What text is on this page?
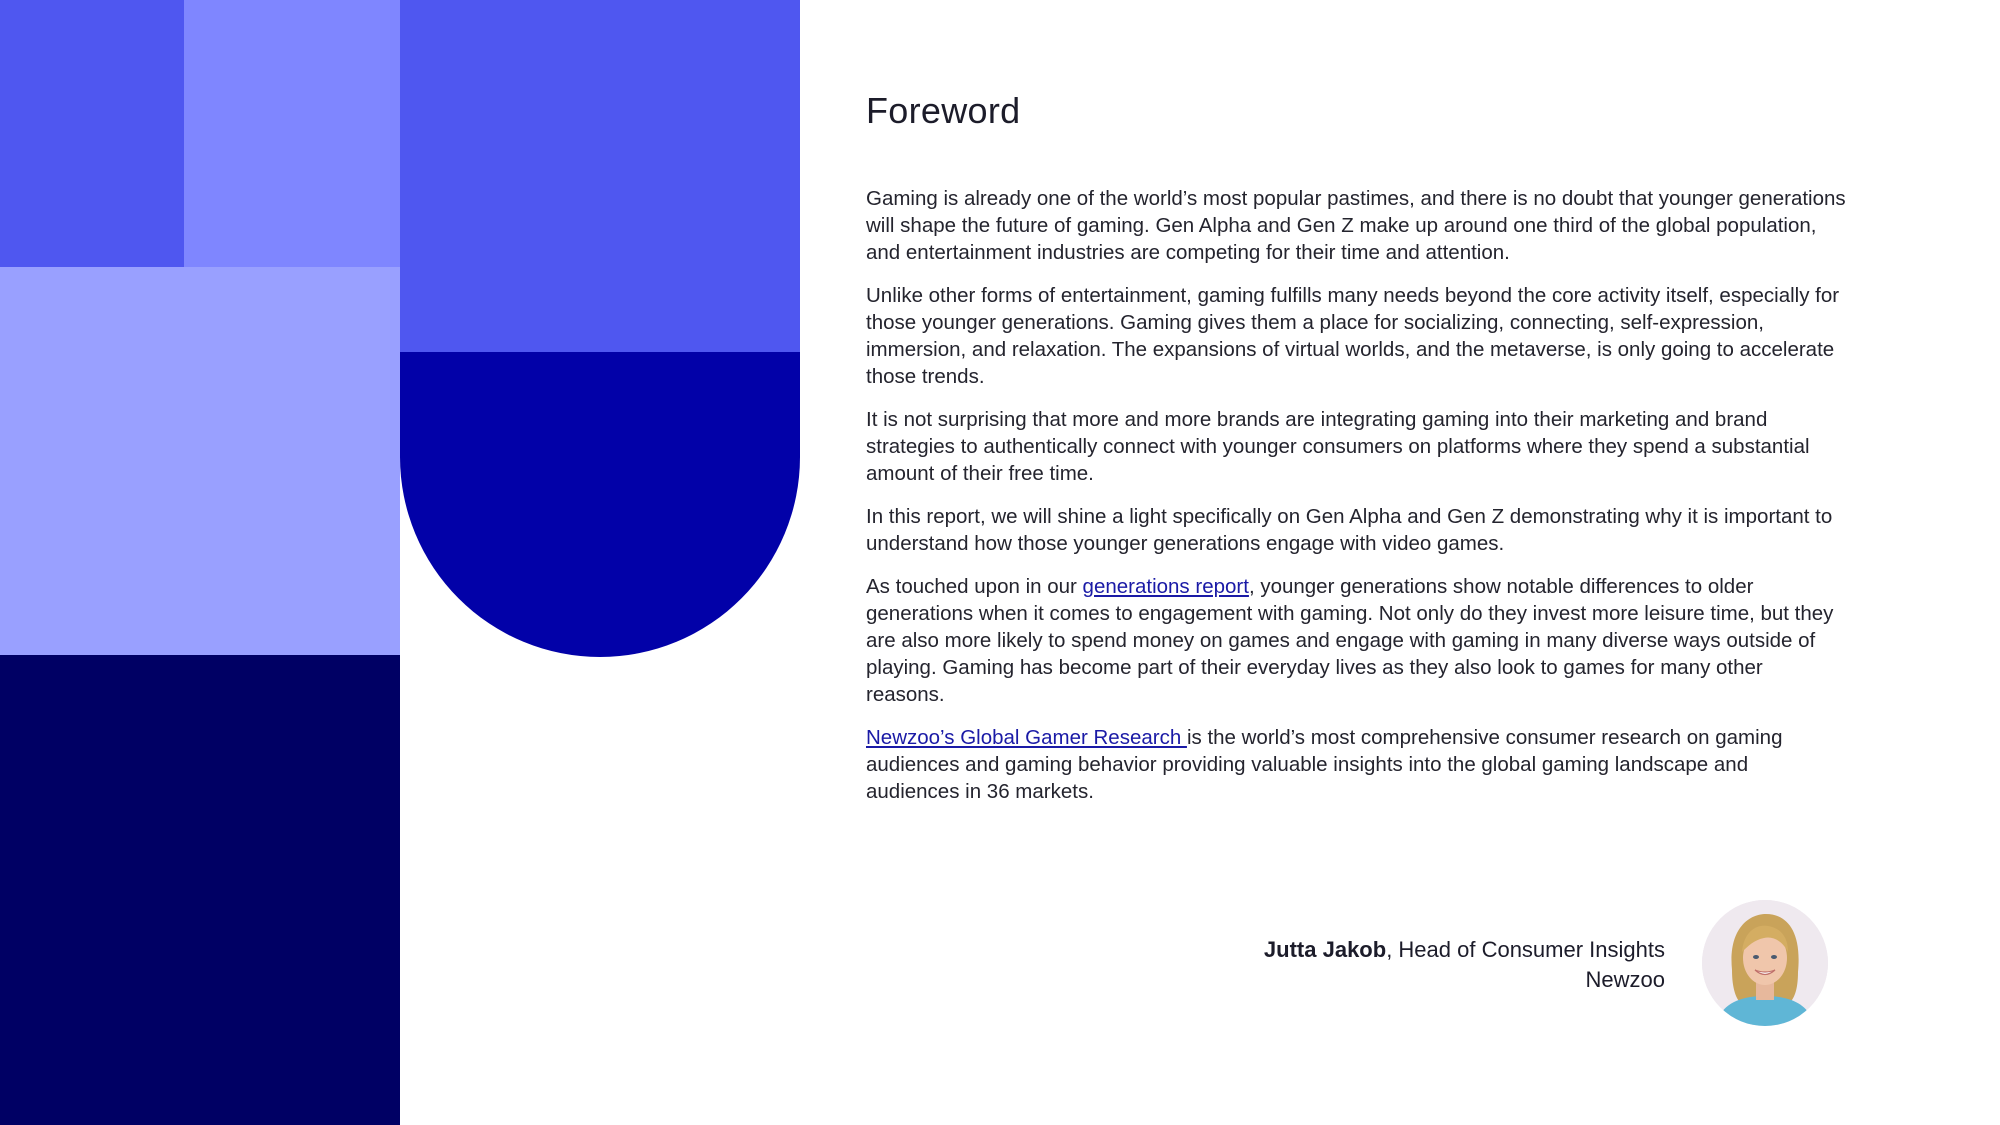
Foreword

Gaming is already one of the world’s most popular pastimes, and there is no doubt that younger generations will shape the future of gaming. Gen Alpha and Gen Z make up around one third of the global population, and entertainment industries are competing for their time and attention.

Unlike other forms of entertainment, gaming fulfills many needs beyond the core activity itself, especially for those younger generations. Gaming gives them a place for socializing, connecting, self-expression, immersion, and relaxation. The expansions of virtual worlds, and the metaverse, is only going to accelerate those trends.

It is not surprising that more and more brands are integrating gaming into their marketing and brand strategies to authentically connect with younger consumers on platforms where they spend a substantial amount of their free time.

In this report, we will shine a light specifically on Gen Alpha and Gen Z demonstrating why it is important to understand how those younger generations engage with video games.

As touched upon in our generations report, younger generations show notable differences to older generations when it comes to engagement with gaming. Not only do they invest more leisure time, but they are also more likely to spend money on games and engage with gaming in many diverse ways outside of playing. Gaming has become part of their everyday lives as they also look to games for many other reasons.

Newzoo’s Global Gamer Research is the world’s most comprehensive consumer research on gaming audiences and gaming behavior providing valuable insights into the global gaming landscape and audiences in 36 markets.

Jutta Jakob, Head of Consumer Insights
Newzoo
